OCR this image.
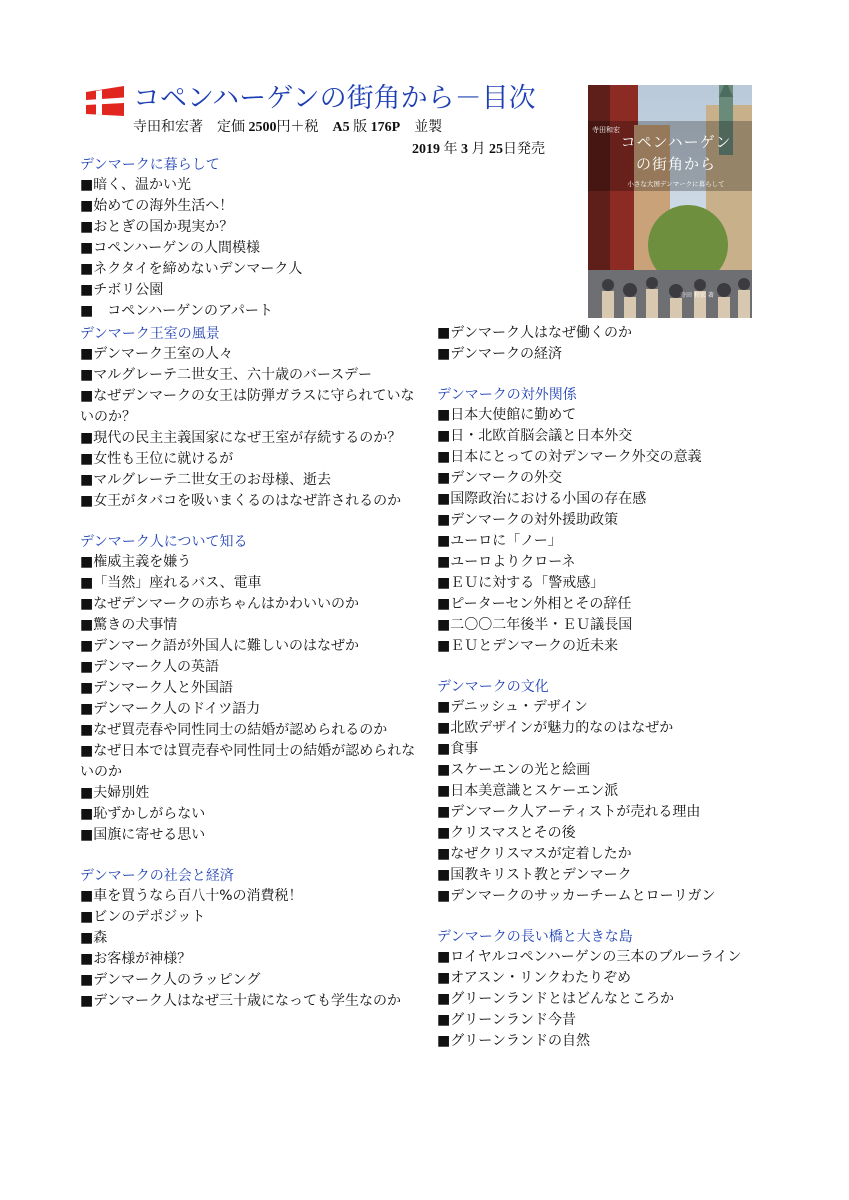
コペンハーゲンの街角から－目次
寺田和宏著 定価 2500円＋税 A5 版 176P 並製
2019 年 3 月 25日発売
寺田和宏
コペンハーゲン
の街角から
小さな大国デンマークに暮らして
寺田 和宏 著
デンマークに暮らして
■暗く、温かい光
■始めての海外生活へ！
■おとぎの国か現実か？
■コペンハーゲンの人間模様
■ネクタイを締めないデンマーク人
■チボリ公園
■　コペンハーゲンのアパート
デンマーク王室の風景
■デンマーク王室の人々
■マルグレーテ二世女王、六十歳のバースデー
■なぜデンマークの女王は防弾ガラスに守られていないのか？
■現代の民主主義国家になぜ王室が存続するのか？
■女性も王位に就けるが
■マルグレーテ二世女王のお母様、逝去
■女王がタバコを吸いまくるのはなぜ許されるのか
デンマーク人について知る
■権威主義を嫌う
■「当然」座れるバス、電車
■なぜデンマークの赤ちゃんはかわいいのか
■驚きの犬事情
■デンマーク語が外国人に難しいのはなぜか
■デンマーク人の英語
■デンマーク人と外国語
■デンマーク人のドイツ語力
■なぜ買売春や同性同士の結婚が認められるのか
■なぜ日本では買売春や同性同士の結婚が認められないのか
■夫婦別姓
■恥ずかしがらない
■国旗に寄せる思い
デンマークの社会と経済
■車を買うなら百八十%の消費税！
■ビンのデポジット
■森
■お客様が神様？
■デンマーク人のラッピング
■デンマーク人はなぜ三十歳になっても学生なのか
■デンマーク人はなぜ働くのか
■デンマークの経済
デンマークの対外関係
■日本大使館に勤めて
■日・北欧首脳会議と日本外交
■日本にとっての対デンマーク外交の意義
■デンマークの外交
■国際政治における小国の存在感
■デンマークの対外援助政策
■ユーロに「ノー」
■ユーロよりクローネ
■ＥＵに対する「警戒感」
■ピーターセン外相とその辞任
■二〇〇二年後半・ＥＵ議長国
■ＥＵとデンマークの近未来
デンマークの文化
■デニッシュ・デザイン
■北欧デザインが魅力的なのはなぜか
■食事
■スケーエンの光と絵画
■日本美意識とスケーエン派
■デンマーク人アーティストが売れる理由
■クリスマスとその後
■なぜクリスマスが定着したか
■国教キリスト教とデンマーク
■デンマークのサッカーチームとローリガン
デンマークの長い橋と大きな島
■ロイヤルコペンハーゲンの三本のブルーライン
■オアスン・リンクわたりぞめ
■グリーンランドとはどんなところか
■グリーンランド今昔
■グリーンランドの自然
